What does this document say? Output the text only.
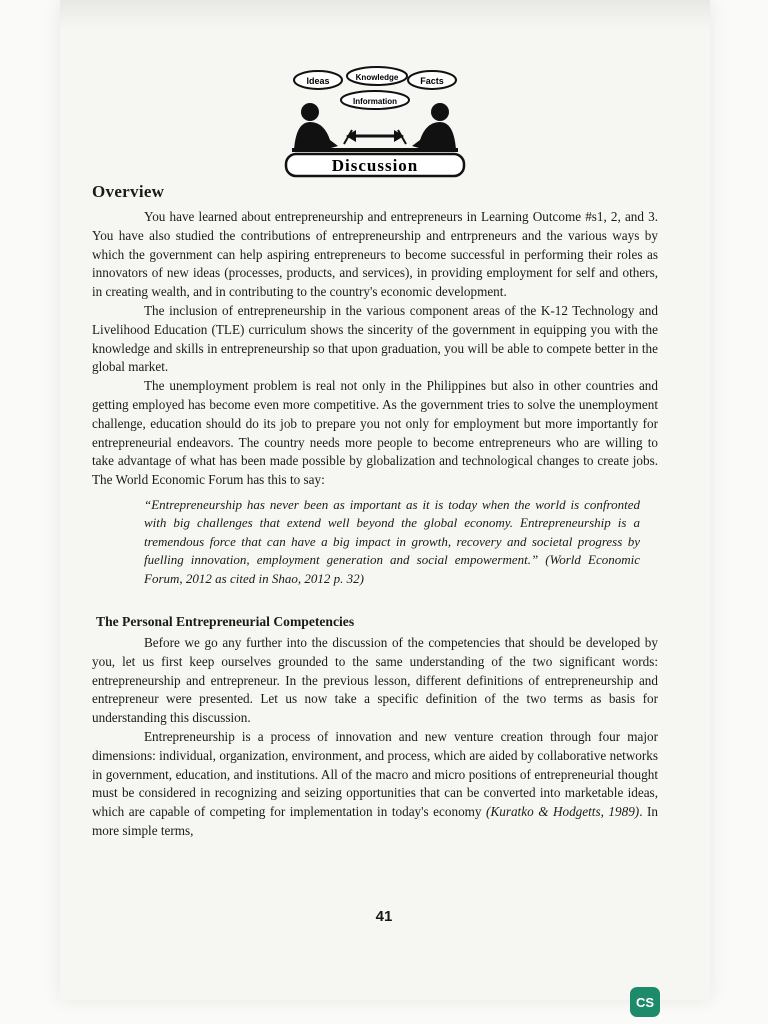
Ideas	Knowledge Facts
Information
Discussion
Overview

You have learned about entrepreneurship and entrepreneurs in Learning Outcome #s1, 2, and 3. You have also studied the contributions of entrepreneurship and entrpreneurs and the various ways by which the government can help aspiring entrepreneurs to become successful in performing their roles as innovators of new ideas (processes, products, and services), in providing employment for self and others, in creating wealth, and in contributing to the country's economic development.

The inclusion of entrepreneurship in the various component areas of the K-12 Technology and Livelihood Education (TLE) curriculum shows the sincerity of the government in equipping you with the knowledge and skills in entrepreneurship so that upon graduation, you will be able to compete better in the global market.

The unemployment problem is real not only in the Philippines but also in other countries and getting employed has become even more competitive. As the government tries to solve the unemployment challenge, education should do its job to prepare you not only for employment but more importantly for entrepreneurial endeavors. The country needs more people to become entrepreneurs who are willing to take advantage of what has been made possible by globalization and technological changes to create jobs. The World Economic Forum has this to say:

“Entrepreneurship has never been as important as it is today when the world is confronted with big challenges that extend well beyond the global economy. Entrepreneurship is a tremendous force that can have a big impact in growth, recovery and societal progress by fuelling innovation, employment generation and social empowerment.” (World Economic Forum, 2012 as cited in Shao, 2012 p. 32)
The Personal Entrepreneurial Competencies

Before we go any further into the discussion of the competencies that should be developed by you, let us first keep ourselves grounded to the same understanding of the two significant words: entrepreneurship and entrepreneur. In the previous lesson, different definitions of entrepreneurship and entrepreneur were presented. Let us now take a specific definition of the two terms as basis for understanding this discussion.

Entrepreneurship is a process of innovation and new venture creation through four major dimensions: individual, organization, environment, and process, which are aided by collaborative networks in government, education, and institutions. All of the macro and micro positions of entrepreneurial thought must be considered in recognizing and seizing opportunities that can be converted into marketable ideas, which are capable of competing for implementation in today's economy (Kuratko & Hodgetts, 1989). In more simple terms,

41
CS
